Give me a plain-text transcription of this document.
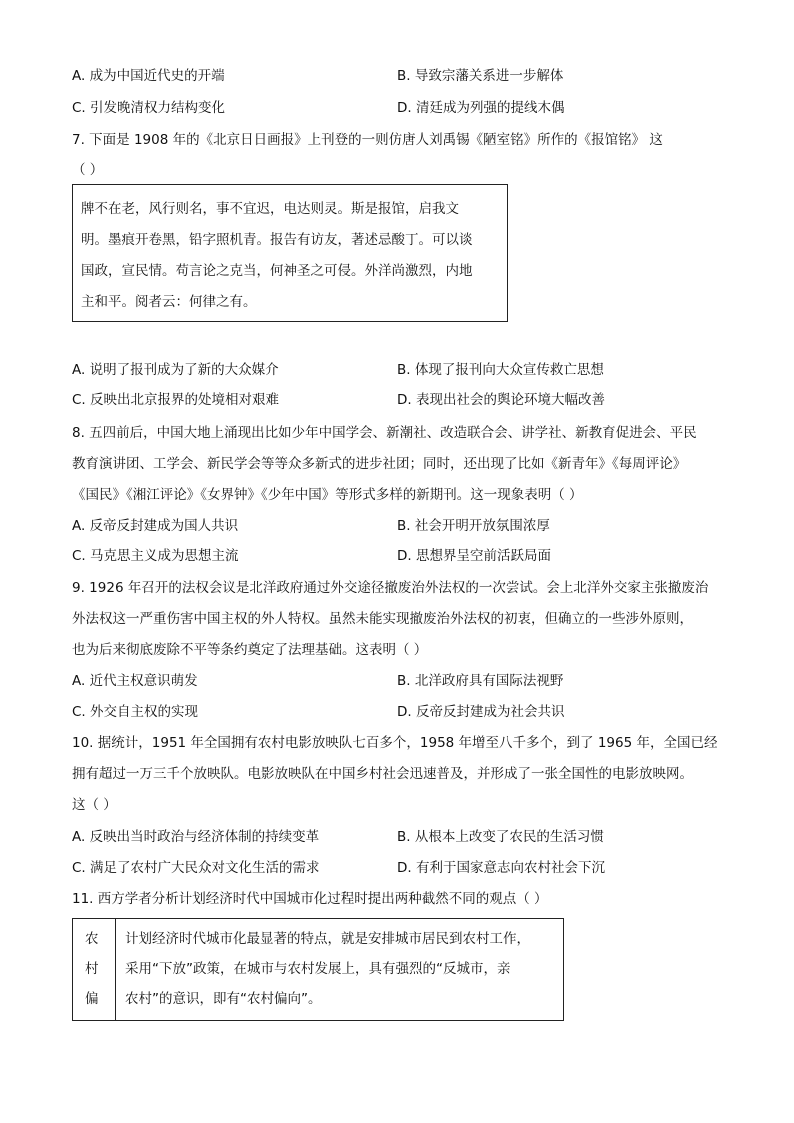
A. 成为中国近代史的开端	B. 导致宗藩关系进一步解体
C. 引发晚清权力结构变化	D. 清廷成为列强的提线木偶
7. 下面是 1908 年的《北京日日画报》上刊登的一则仿唐人刘禹锡《陋室铭》所作的《报馆铭》 这
（ ）
牌不在老，风行则名，事不宜迟，电达则灵。斯是报馆，启我文
明。墨痕开卷黑，铅字照机青。报告有访友，著述忌酸丁。可以谈
国政，宣民情。苟言论之克当，何神圣之可侵。外洋尚激烈，内地
主和平。阅者云：何律之有。
A. 说明了报刊成为了新的大众媒介	B. 体现了报刊向大众宣传救亡思想
C. 反映出北京报界的处境相对艰难	D. 表现出社会的舆论环境大幅改善
8. 五四前后，中国大地上涌现出比如少年中国学会、新潮社、改造联合会、讲学社、新教育促进会、平民
教育演讲团、工学会、新民学会等等众多新式的进步社团；同时，还出现了比如《新青年》《每周评论》
《国民》《湘江评论》《女界钟》《少年中国》等形式多样的新期刊。这一现象表明（ ）
A. 反帝反封建成为国人共识	B. 社会开明开放氛围浓厚
C. 马克思主义成为思想主流	D. 思想界呈空前活跃局面
9. 1926 年召开的法权会议是北洋政府通过外交途径撤废治外法权的一次尝试。会上北洋外交家主张撤废治
外法权这一严重伤害中国主权的外人特权。虽然未能实现撤废治外法权的初衷，但确立的一些涉外原则，
也为后来彻底废除不平等条约奠定了法理基础。这表明（ ）
A. 近代主权意识萌发	B. 北洋政府具有国际法视野
C. 外交自主权的实现	D. 反帝反封建成为社会共识
10. 据统计，1951 年全国拥有农村电影放映队七百多个，1958 年增至八千多个，到了 1965 年，全国已经
拥有超过一万三千个放映队。电影放映队在中国乡村社会迅速普及，并形成了一张全国性的电影放映网。
这（ ）
A. 反映出当时政治与经济体制的持续变革	B. 从根本上改变了农民的生活习惯
C. 满足了农村广大民众对文化生活的需求	D. 有利于国家意志向农村社会下沉
11. 西方学者分析计划经济时代中国城市化过程时提出两种截然不同的观点（ ）
农
村
偏
计划经济时代城市化最显著的特点，就是安排城市居民到农村工作，
采用“下放”政策，在城市与农村发展上，具有强烈的“反城市，亲
农村”的意识，即有“农村偏向”。
